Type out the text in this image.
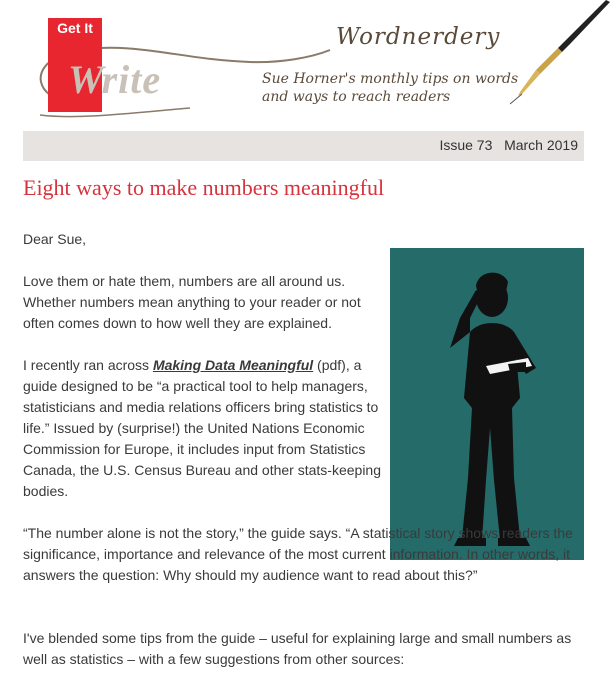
Get It
Write
Wordnerdery
Sue Horner's monthly tips on words and ways to reach readers
Issue 73 March 2019
Eight ways to make numbers meaningful
Dear Sue,
Love them or hate them, numbers are all around us. Whether numbers mean anything to your reader or not often comes down to how well they are explained.
I recently ran across Making Data Meaningful (pdf), a guide designed to be “a practical tool to help managers, statisticians and media relations officers bring statistics to life.” Issued by (surprise!) the United Nations Economic Commission for Europe, it includes input from Statistics Canada, the U.S. Census Bureau and other stats-keeping bodies.
“The number alone is not the story,” the guide says. “A statistical story shows readers the significance, importance and relevance of the most current information. In other words, it answers the question: Why should my audience want to read about this?”
I've blended some tips from the guide – useful for explaining large and small numbers as well as statistics – with a few suggestions from other sources:
